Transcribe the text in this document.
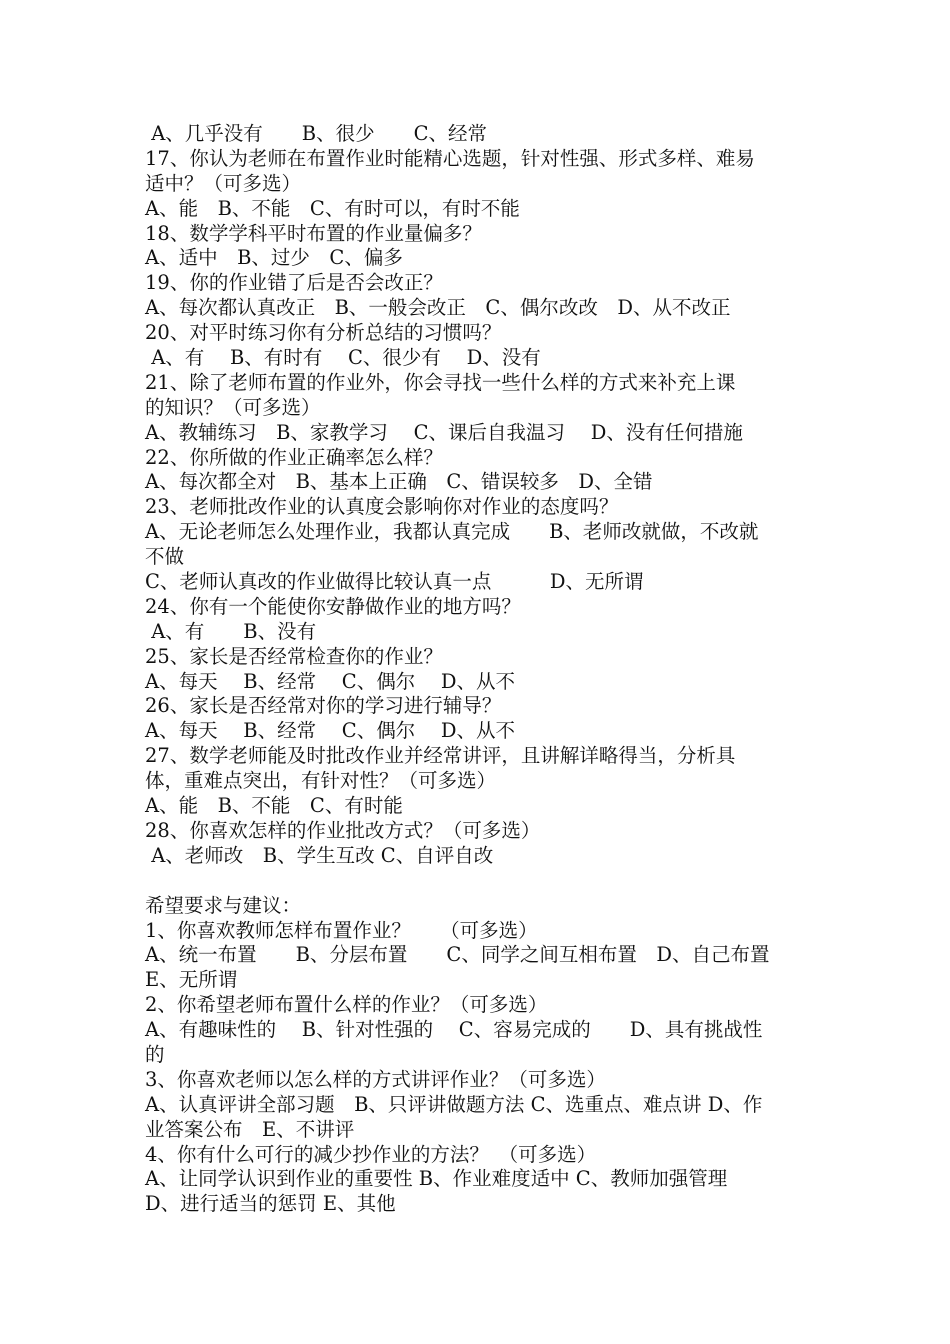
A、几乎没有　　B、很少　　C、经常
17、你认为老师在布置作业时能精心选题，针对性强、形式多样、难易
适中？（可多选）
A、能　B、不能　C、有时可以，有时不能
18、数学学科平时布置的作业量偏多？
A、适中　B、过少　C、偏多
19、你的作业错了后是否会改正？
A、每次都认真改正　B、一般会改正　C、偶尔改改　D、从不改正
20、对平时练习你有分析总结的习惯吗？
A、有　 B、有时有　 C、很少有　 D、没有
21、除了老师布置的作业外，你会寻找一些什么样的方式来补充上课
的知识？（可多选）
A、教辅练习　B、家教学习　 C、课后自我温习　 D、没有任何措施
22、你所做的作业正确率怎么样？
A、每次都全对　B、基本上正确　C、错误较多　D、全错
23、老师批改作业的认真度会影响你对作业的态度吗？
A、无论老师怎么处理作业，我都认真完成　　B、老师改就做，不改就
不做
C、老师认真改的作业做得比较认真一点　　　D、无所谓
24、你有一个能使你安静做作业的地方吗？
A、有　　B、没有
25、家长是否经常检查你的作业？
A、每天　 B、经常　 C、偶尔　 D、从不
26、家长是否经常对你的学习进行辅导？
A、每天　 B、经常　 C、偶尔　 D、从不
27、数学老师能及时批改作业并经常讲评，且讲解详略得当，分析具
体，重难点突出，有针对性？（可多选）
A、能　B、不能　C、有时能
28、你喜欢怎样的作业批改方式？（可多选）
A、老师改　B、学生互改 C、自评自改
希望要求与建议：
1、你喜欢教师怎样布置作业？　　（可多选）
A、统一布置　　B、分层布置　　C、同学之间互相布置　D、自己布置
E、无所谓
2、你希望老师布置什么样的作业？（可多选）
A、有趣味性的　 B、针对性强的　 C、容易完成的　　D、具有挑战性
的
3、你喜欢老师以怎么样的方式讲评作业？（可多选）
A、认真评讲全部习题　B、只评讲做题方法 C、选重点、难点讲 D、作
业答案公布　E、不讲评
4、你有什么可行的减少抄作业的方法？　（可多选）
A、让同学认识到作业的重要性 B、作业难度适中 C、教师加强管理
D、进行适当的惩罚 E、其他
